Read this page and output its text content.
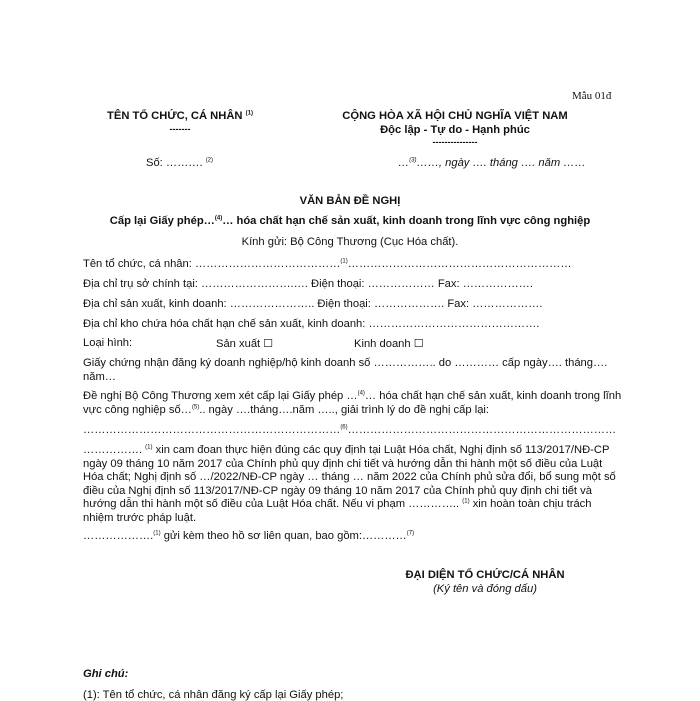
Mẫu 01đ
TÊN TỔ CHỨC, CÁ NHÂN $^{(1)}$
-------
CỘNG HÒA XÃ HỘI CHỦ NGHĨA VIỆT NAM
Độc lập - Tự do - Hạnh phúc
---------------
Số: ………. $^{(2)}$	…$^{(3)}$……, ngày …. tháng …. năm ……
VĂN BẢN ĐỀ NGHỊ
Cấp lại Giấy phép…$^{(4)}$… hóa chất hạn chế sản xuất, kinh doanh trong lĩnh vực công nghiệp
Kính gửi: Bộ Công Thương (Cục Hóa chất).
Tên tổ chức, cá nhân: …………………………………$^{(1)}$……………………………………………………
Địa chỉ trụ sở chính tại: …………………….…. Điện thoại: ……………… Fax: ……………….
Địa chỉ sản xuất, kinh doanh: ………………….. Điện thoại: ………………. Fax: ……………….
Địa chỉ kho chứa hóa chất hạn chế sản xuất, kinh doanh: ……………………………………….
Loại hình:	Sản xuất ☐	Kinh doanh ☐
Giấy chứng nhận đăng ký doanh nghiệp/hộ kinh doanh số …………….. do ………… cấp ngày…. tháng…. năm…
Đề nghị Bộ Công Thương xem xét cấp lại Giấy phép …$^{(4)}$… hóa chất hạn chế sản xuất, kinh doanh trong lĩnh vực công nghiệp số…$^{(5)}$.. ngày ….tháng….năm ….., giải trình lý do đề nghị cấp lại:
……………………………………………………………$^{(6)}$………………………………………………………………
……………. $^{(1)}$ xin cam đoan thực hiện đúng các quy định tại Luật Hóa chất, Nghị định số 113/2017/NĐ-CP ngày 09 tháng 10 năm 2017 của Chính phủ quy định chi tiết và hướng dẫn thi hành một số điều của Luật Hóa chất; Nghị định số …/2022/NĐ-CP ngày … tháng … năm 2022 của Chính phủ sửa đổi, bổ sung một số điều của Nghị định số 113/2017/NĐ-CP ngày 09 tháng 10 năm 2017 của Chính phủ quy định chi tiết và hướng dẫn thi hành một số điều của Luật Hóa chất. Nếu vi phạm ………….. $^{(1)}$ xin hoàn toàn chịu trách nhiệm trước pháp luật.
……………….$^{(1)}$ gửi kèm theo hồ sơ liên quan, bao gồm:…………$^{(7)}$
ĐẠI DIỆN TỔ CHỨC/CÁ NHÂN
(Ký tên và đóng dấu)
Ghi chú:
(1): Tên tổ chức, cá nhân đăng ký cấp lại Giấy phép;
